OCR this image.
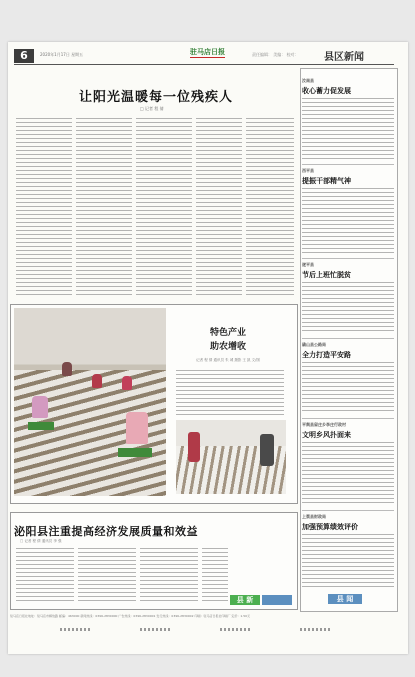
6	2020年1月17日 星期五	驻马店日报	责任编辑： 美编： 校对：	县区新闻
让阳光温暖每一位残疾人
□ 记者 程 倩
特色产业
助农增收
记者 程 倩 通讯员 朱 城 摄影 王 凯 文/图
泌阳县注重提高经济发展质量和效益
□ 记者 程 倩 通讯员 李 强
县 新
汝南县
收心蓄力促发展
西平县
提振干部精气神
遂平县
节后上班忙脱贫
确山县公路局
全力打造平安路
平舆县留庄乡李庄行政村
文明乡风扑面来
上蔡县财政局
加强预算绩效评价
县 闻
驻马店日报社地址：驻马店市解放路 邮编：463000 新闻热线：0396-2830000 广告热线：0396-2830001 发行热线：0396-2830002 印刷：驻马店日报社印刷厂 定价：1.50元
